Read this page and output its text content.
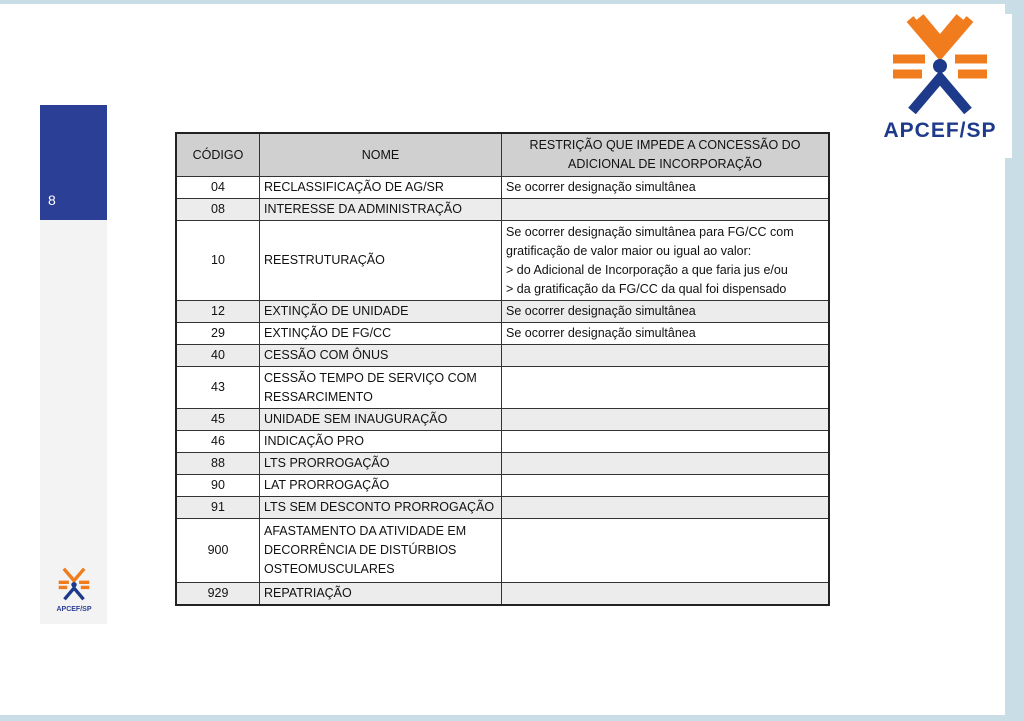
8
APCEF/SP
APCEF/SP
CÓDIGO	NOME	RESTRIÇÃO QUE IMPEDE A CONCESSÃO DO ADICIONAL DE INCORPORAÇÃO
04	RECLASSIFICAÇÃO DE AG/SR	Se ocorrer designação simultânea
08	INTERESSE DA ADMINISTRAÇÃO	
10	REESTRUTURAÇÃO	Se ocorrer designação simultânea para FG/CC com gratificação de valor maior ou igual ao valor:
> do Adicional de Incorporação a que faria jus e/ou
> da gratificação da FG/CC da qual foi dispensado
12	EXTINÇÃO DE UNIDADE	Se ocorrer designação simultânea
29	EXTINÇÃO DE FG/CC	Se ocorrer designação simultânea
40	CESSÃO COM ÔNUS	
43	CESSÃO TEMPO DE SERVIÇO COM RESSARCIMENTO	
45	UNIDADE SEM INAUGURAÇÃO	
46	INDICAÇÃO PRO	
88	LTS PRORROGAÇÃO	
90	LAT PRORROGAÇÃO	
91	LTS SEM DESCONTO PRORROGAÇÃO	
900	AFASTAMENTO DA ATIVIDADE EM DECORRÊNCIA DE DISTÚRBIOS OSTEOMUSCULARES	
929	REPATRIAÇÃO	
